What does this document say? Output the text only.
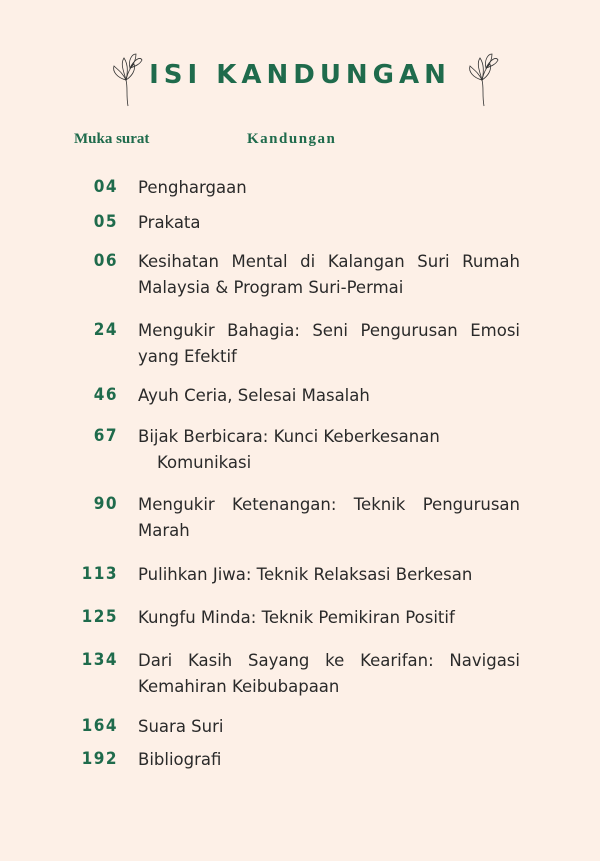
ISI KANDUNGAN
Muka surat	Kandungan
04 Penghargaan
05 Prakata
06 Kesihatan Mental di Kalangan Suri Rumah
Malaysia & Program Suri-Permai
24 Mengukir Bahagia: Seni Pengurusan Emosi
yang Efektif
46 Ayuh Ceria, Selesai Masalah
67 Bijak Berbicara: Kunci Keberkesanan
Komunikasi
90 Mengukir Ketenangan: Teknik Pengurusan
Marah
113 Pulihkan Jiwa: Teknik Relaksasi Berkesan
125 Kungfu Minda: Teknik Pemikiran Positif
134 Dari Kasih Sayang ke Kearifan: Navigasi
Kemahiran Keibubapaan
164 Suara Suri
192 Bibliografi
